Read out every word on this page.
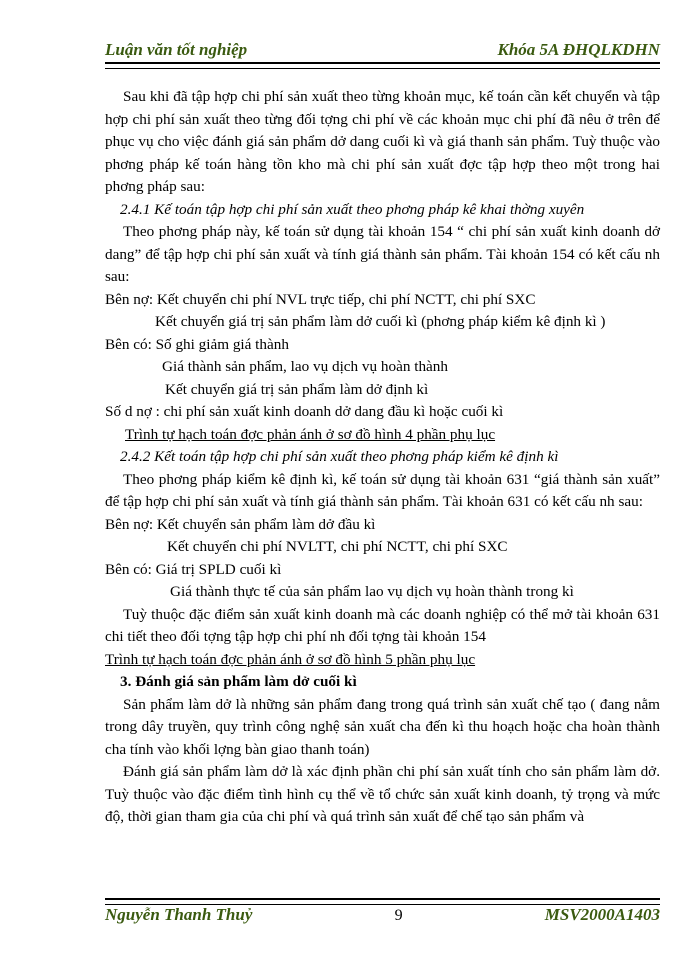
Luận văn tốt nghiệp	Khóa 5A ĐHQLKDHN

Sau khi đã tập hợp chi phí sản xuất theo từng khoản mục, kế toán cần kết chuyển và tập hợp chi phí sản xuất theo từng đối tợng chi phí về các khoản mục chi phí đã nêu ở trên để phục vụ cho việc đánh giá sản phẩm dở dang cuối kì và giá thanh sản phẩm. Tuỳ thuộc vào phơng pháp kế toán hàng tồn kho mà chi phí sản xuất đợc tập hợp theo một trong hai phơng pháp sau:

2.4.1 Kế toán tập hợp chi phí sản xuất theo phơng pháp kê khai thờng xuyên

Theo phơng pháp này, kế toán sử dụng tài khoản 154 “ chi phí sản xuất kinh doanh dở dang” để tập hợp chi phí sản xuất và tính giá thành sản phẩm. Tài khoản 154 có kết cấu nh sau:

Bên nợ: Kết chuyển chi phí NVL trực tiếp, chi phí NCTT, chi phí SXC

Kết chuyển giá trị sản phẩm làm dở cuối kì (phơng pháp kiểm kê định kì )

Bên có: Số ghi giảm giá thành

Giá thành sản phẩm, lao vụ dịch vụ hoàn thành

Kết chuyển giá trị sản phẩm làm dở định kì

Số d nợ : chi phí sản xuất kinh doanh dở dang đầu kì hoặc cuối kì

Trình tự hạch toán đợc phản ánh ở sơ đồ hình 4 phần phụ lục

2.4.2 Kết toán tập hợp chi phí sản xuất theo phơng pháp kiểm kê định kì

Theo phơng pháp kiểm kê định kì, kế toán sử dụng tài khoản 631 “giá thành sản xuất” để tập hợp chi phí sản xuất và tính giá thành sản phẩm. Tài khoản 631 có kết cấu nh sau:

Bên nợ: Kết chuyển sản phẩm làm dở đầu kì

Kết chuyển chi phí NVLTT, chi phí NCTT, chi phí SXC

Bên có: Giá trị SPLD cuối kì

Giá thành thực tế của sản phẩm lao vụ dịch vụ hoàn thành trong kì

Tuỳ thuộc đặc điểm sản xuất kinh doanh mà các doanh nghiệp có thể mở tài khoản 631 chi tiết theo đối tợng tập hợp chi phí nh đối tợng tài khoản 154

Trình tự hạch toán đợc phản ánh ở sơ đồ hình 5 phần phụ lục

3. Đánh giá sản phẩm làm dở cuối kì

Sản phẩm làm dở là những sản phẩm đang trong quá trình sản xuất chế tạo ( đang nằm trong dây truyền, quy trình công nghệ sản xuất cha đến kì thu hoạch hoặc cha hoàn thành cha tính vào khối lợng bàn giao thanh toán)

Đánh giá sản phẩm làm dở là xác định phần chi phí sản xuất tính cho sản phẩm làm dở. Tuỳ thuộc vào đặc điểm tình hình cụ thể về tổ chức sản xuất kinh doanh, tỷ trọng và mức độ, thời gian tham gia của chi phí và quá trình sản xuất để chế tạo sản phẩm và

Nguyễn Thanh Thuỷ	9	MSV2000A1403
